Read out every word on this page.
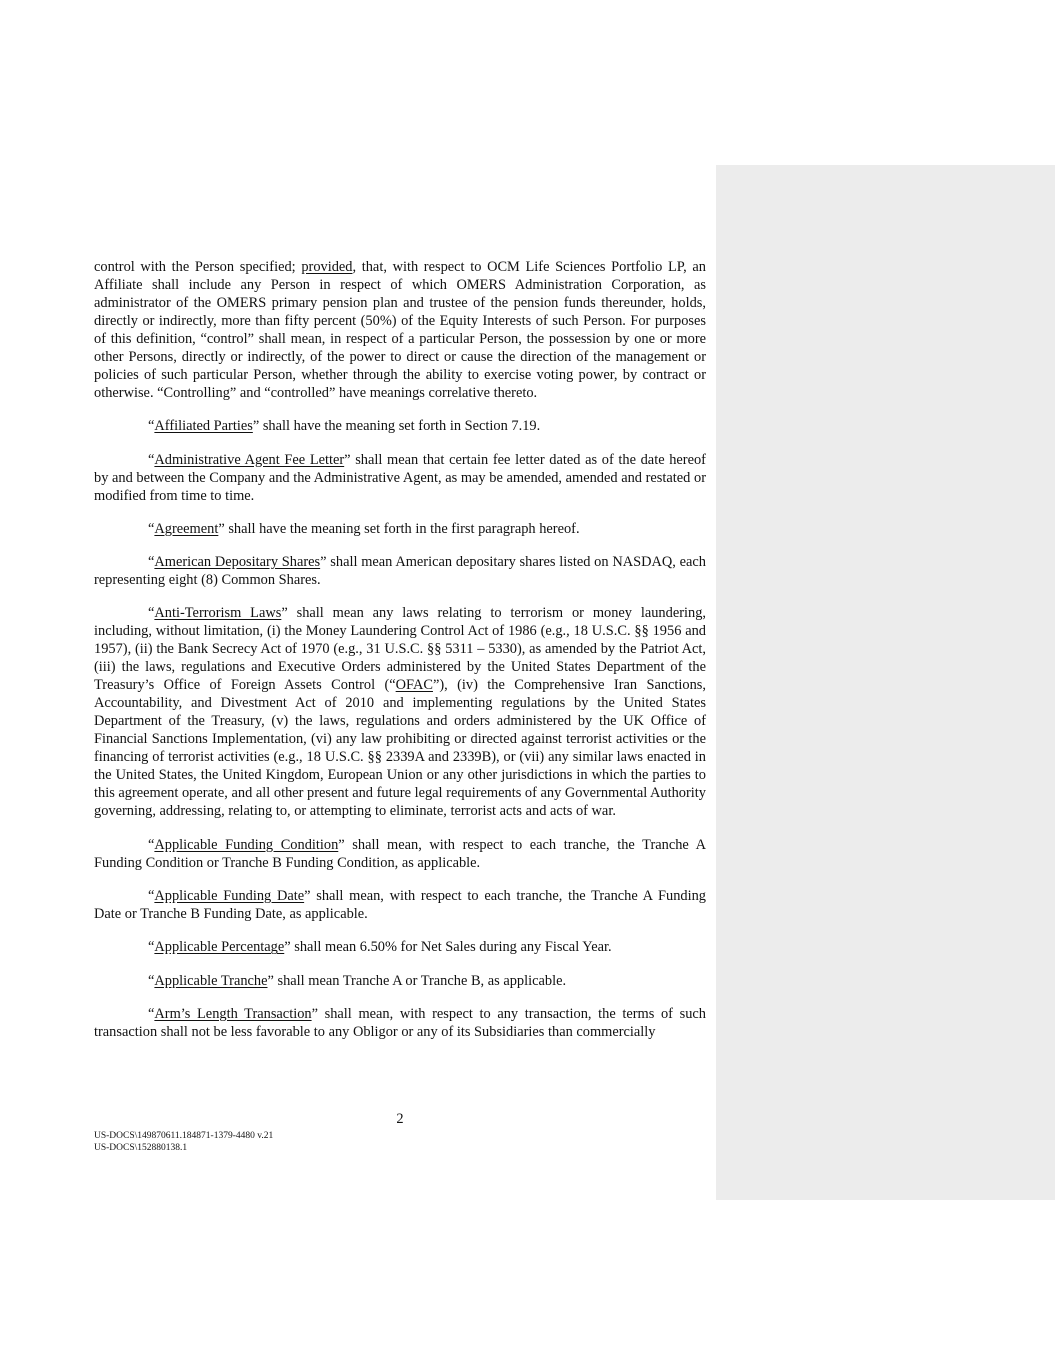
control with the Person specified; provided, that, with respect to OCM Life Sciences Portfolio LP, an Affiliate shall include any Person in respect of which OMERS Administration Corporation, as administrator of the OMERS primary pension plan and trustee of the pension funds thereunder, holds, directly or indirectly, more than fifty percent (50%) of the Equity Interests of such Person. For purposes of this definition, “control” shall mean, in respect of a particular Person, the possession by one or more other Persons, directly or indirectly, of the power to direct or cause the direction of the management or policies of such particular Person, whether through the ability to exercise voting power, by contract or otherwise. “Controlling” and “controlled” have meanings correlative thereto.

“Affiliated Parties” shall have the meaning set forth in Section 7.19.

“Administrative Agent Fee Letter” shall mean that certain fee letter dated as of the date hereof by and between the Company and the Administrative Agent, as may be amended, amended and restated or modified from time to time.

“Agreement” shall have the meaning set forth in the first paragraph hereof.

“American Depositary Shares” shall mean American depositary shares listed on NASDAQ, each representing eight (8) Common Shares.

“Anti-Terrorism Laws” shall mean any laws relating to terrorism or money laundering, including, without limitation, (i) the Money Laundering Control Act of 1986 (e.g., 18 U.S.C. §§ 1956 and 1957), (ii) the Bank Secrecy Act of 1970 (e.g., 31 U.S.C. §§ 5311 – 5330), as amended by the Patriot Act, (iii) the laws, regulations and Executive Orders administered by the United States Department of the Treasury’s Office of Foreign Assets Control (“OFAC”), (iv) the Comprehensive Iran Sanctions, Accountability, and Divestment Act of 2010 and implementing regulations by the United States Department of the Treasury, (v) the laws, regulations and orders administered by the UK Office of Financial Sanctions Implementation, (vi) any law prohibiting or directed against terrorist activities or the financing of terrorist activities (e.g., 18 U.S.C. §§ 2339A and 2339B), or (vii) any similar laws enacted in the United States, the United Kingdom, European Union or any other jurisdictions in which the parties to this agreement operate, and all other present and future legal requirements of any Governmental Authority governing, addressing, relating to, or attempting to eliminate, terrorist acts and acts of war.

“Applicable Funding Condition” shall mean, with respect to each tranche, the Tranche A Funding Condition or Tranche B Funding Condition, as applicable.

“Applicable Funding Date” shall mean, with respect to each tranche, the Tranche A Funding Date or Tranche B Funding Date, as applicable.

“Applicable Percentage” shall mean 6.50% for Net Sales during any Fiscal Year.

“Applicable Tranche” shall mean Tranche A or Tranche B, as applicable.

“Arm’s Length Transaction” shall mean, with respect to any transaction, the terms of such transaction shall not be less favorable to any Obligor or any of its Subsidiaries than commercially

2
US-DOCS\149870611.184871-1379-4480 v.21
US-DOCS\152880138.1
